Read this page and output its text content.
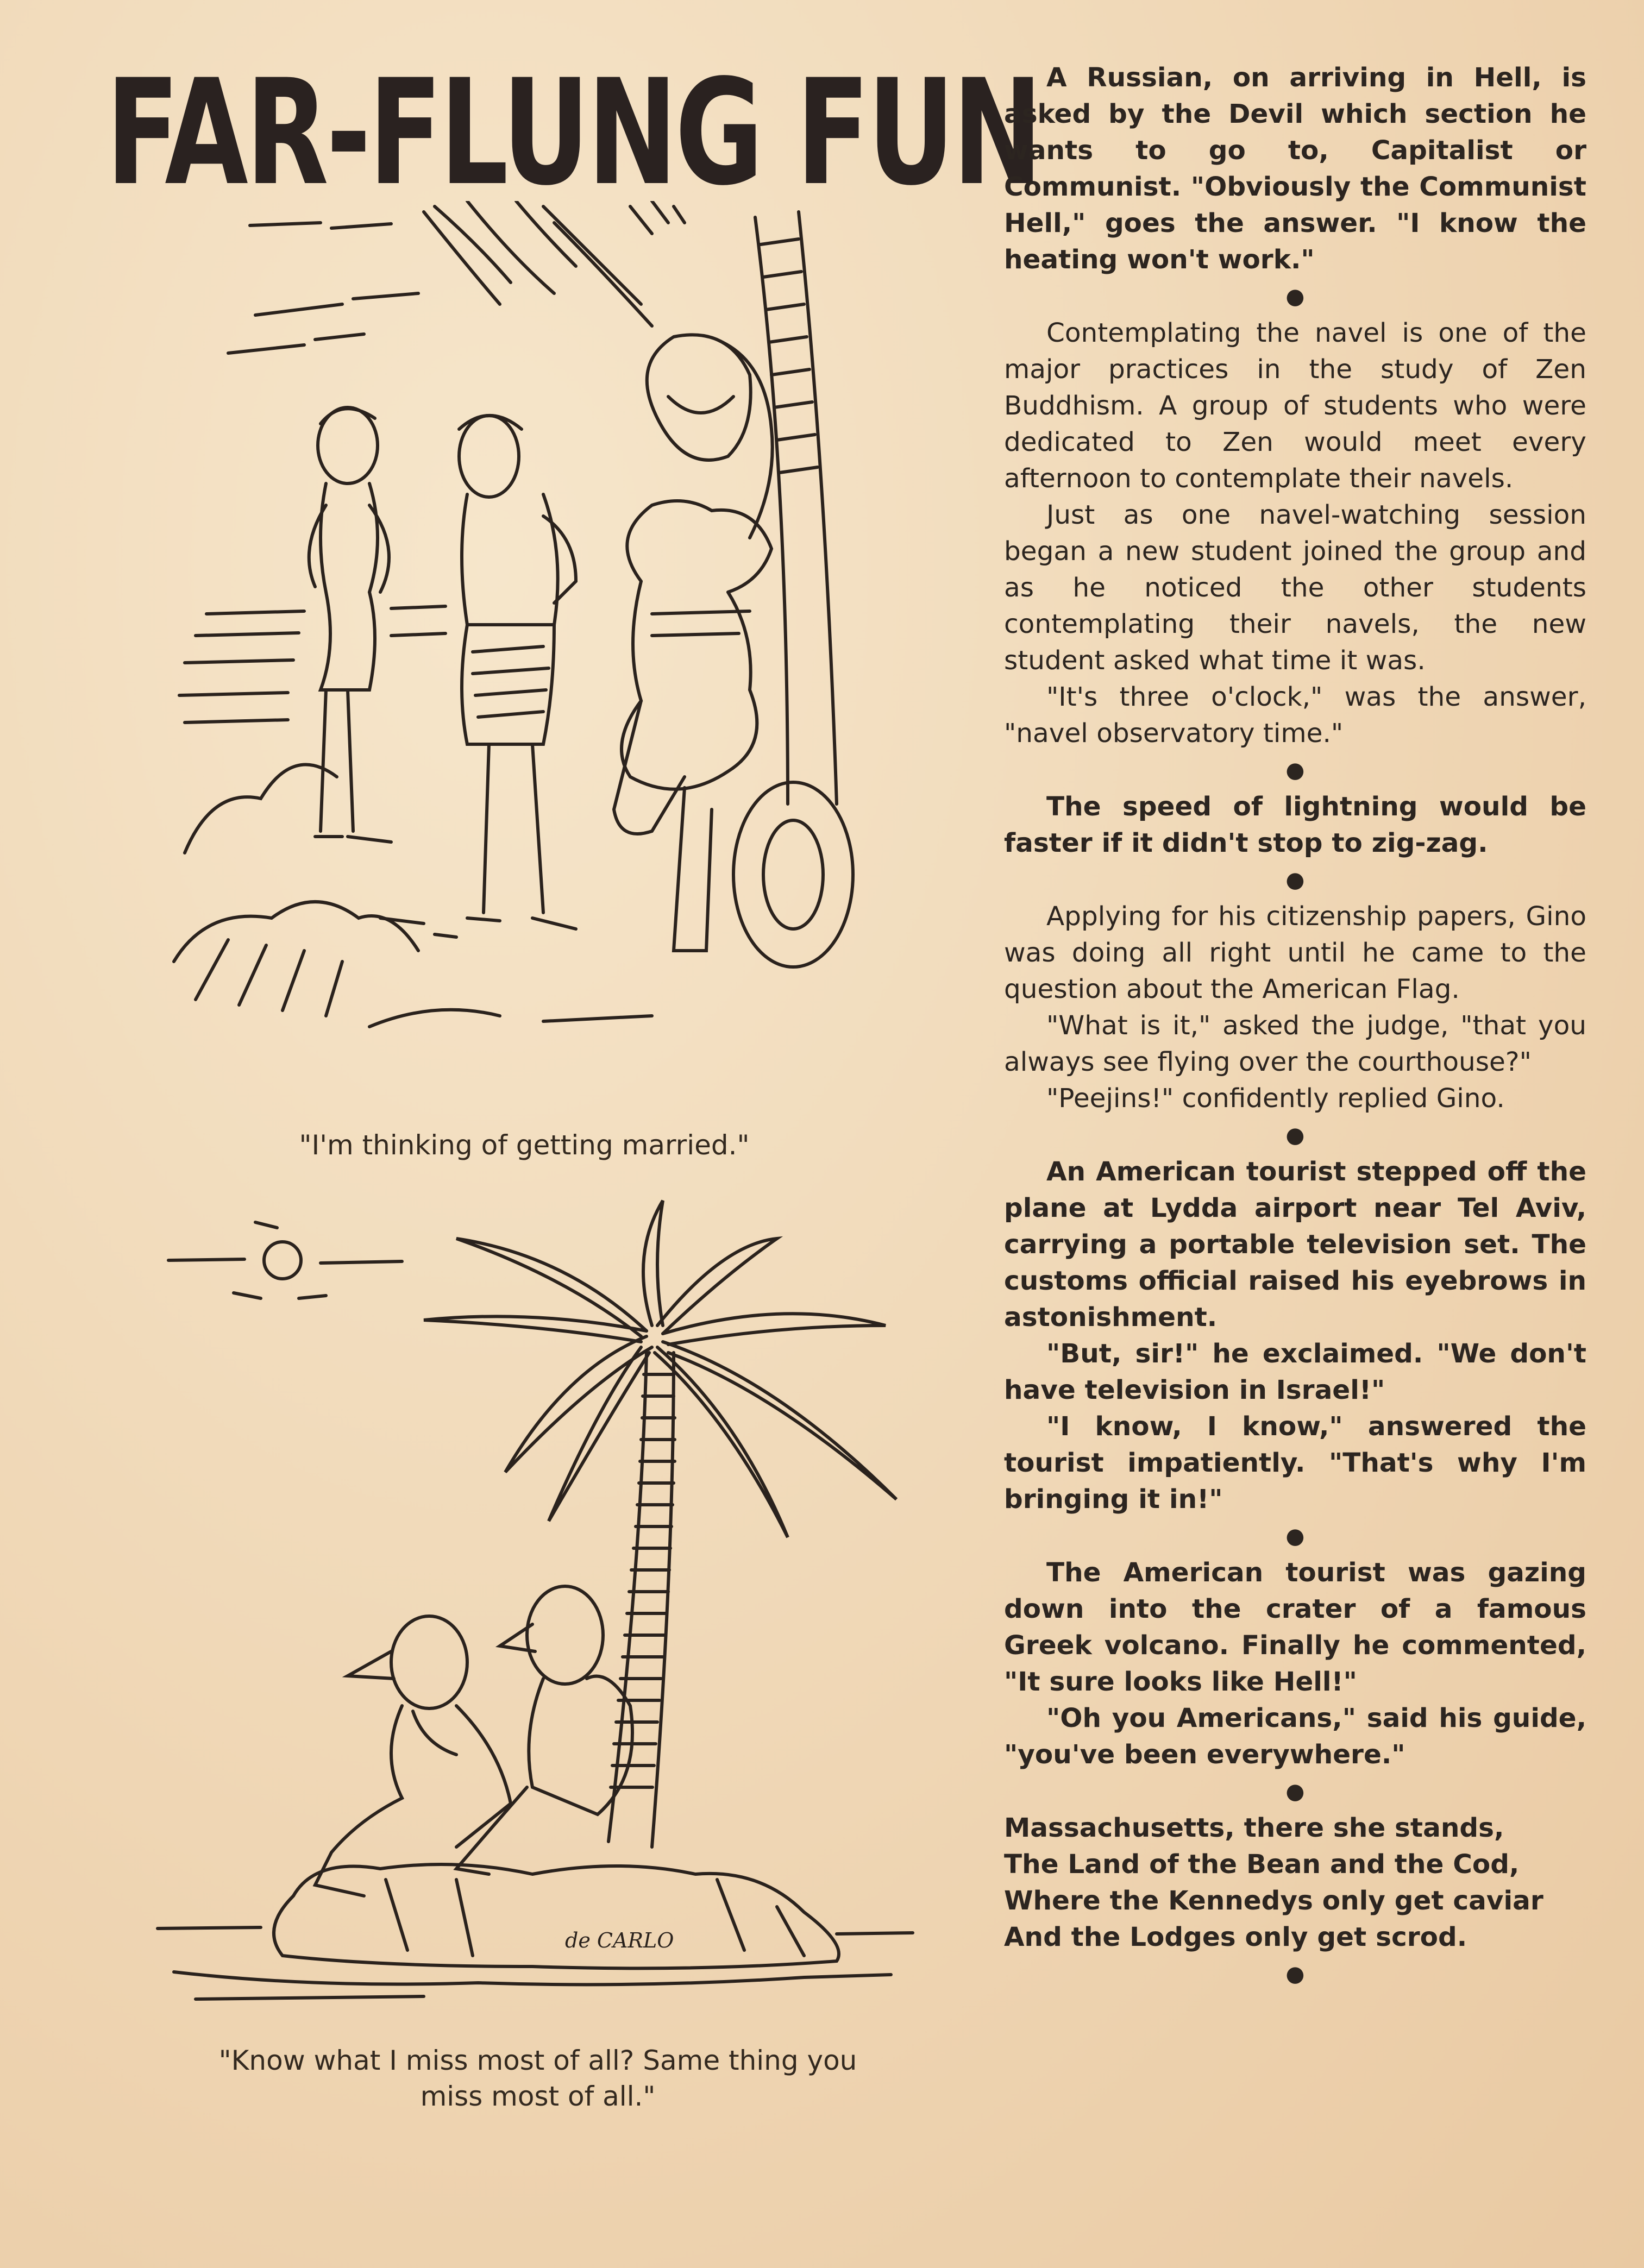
FAR-FLUNG FUN

"I'm thinking of getting married."

de CARLO

"Know what I miss most of all? Same thing you
miss most of all."

A Russian, on arriving in Hell, is asked by the Devil which section he wants to go to, Capitalist or Communist. "Obviously the Communist Hell," goes the answer. "I know the heating won't work."

●

Contemplating the navel is one of the major practices in the study of Zen Buddhism. A group of students who were dedicated to Zen would meet every afternoon to contemplate their navels.

Just as one navel-watching session began a new student joined the group and as he noticed the other students contemplating their navels, the new student asked what time it was.

"It's three o'clock," was the answer, "navel observatory time."

●

The speed of lightning would be faster if it didn't stop to zig-zag.

●

Applying for his citizenship papers, Gino was doing all right until he came to the question about the American Flag.

"What is it," asked the judge, "that you always see flying over the courthouse?"

"Peejins!" confidently replied Gino.

●

An American tourist stepped off the plane at Lydda airport near Tel Aviv, carrying a portable television set. The customs official raised his eyebrows in astonishment.

"But, sir!" he exclaimed. "We don't have television in Israel!"

"I know, I know," answered the tourist impatiently. "That's why I'm bringing it in!"

●

The American tourist was gazing down into the crater of a famous Greek volcano. Finally he commented, "It sure looks like Hell!"

"Oh you Americans," said his guide, "you've been everywhere."

●

Massachusetts, there she stands,

The Land of the Bean and the Cod,

Where the Kennedys only get caviar

And the Lodges only get scrod.

●
